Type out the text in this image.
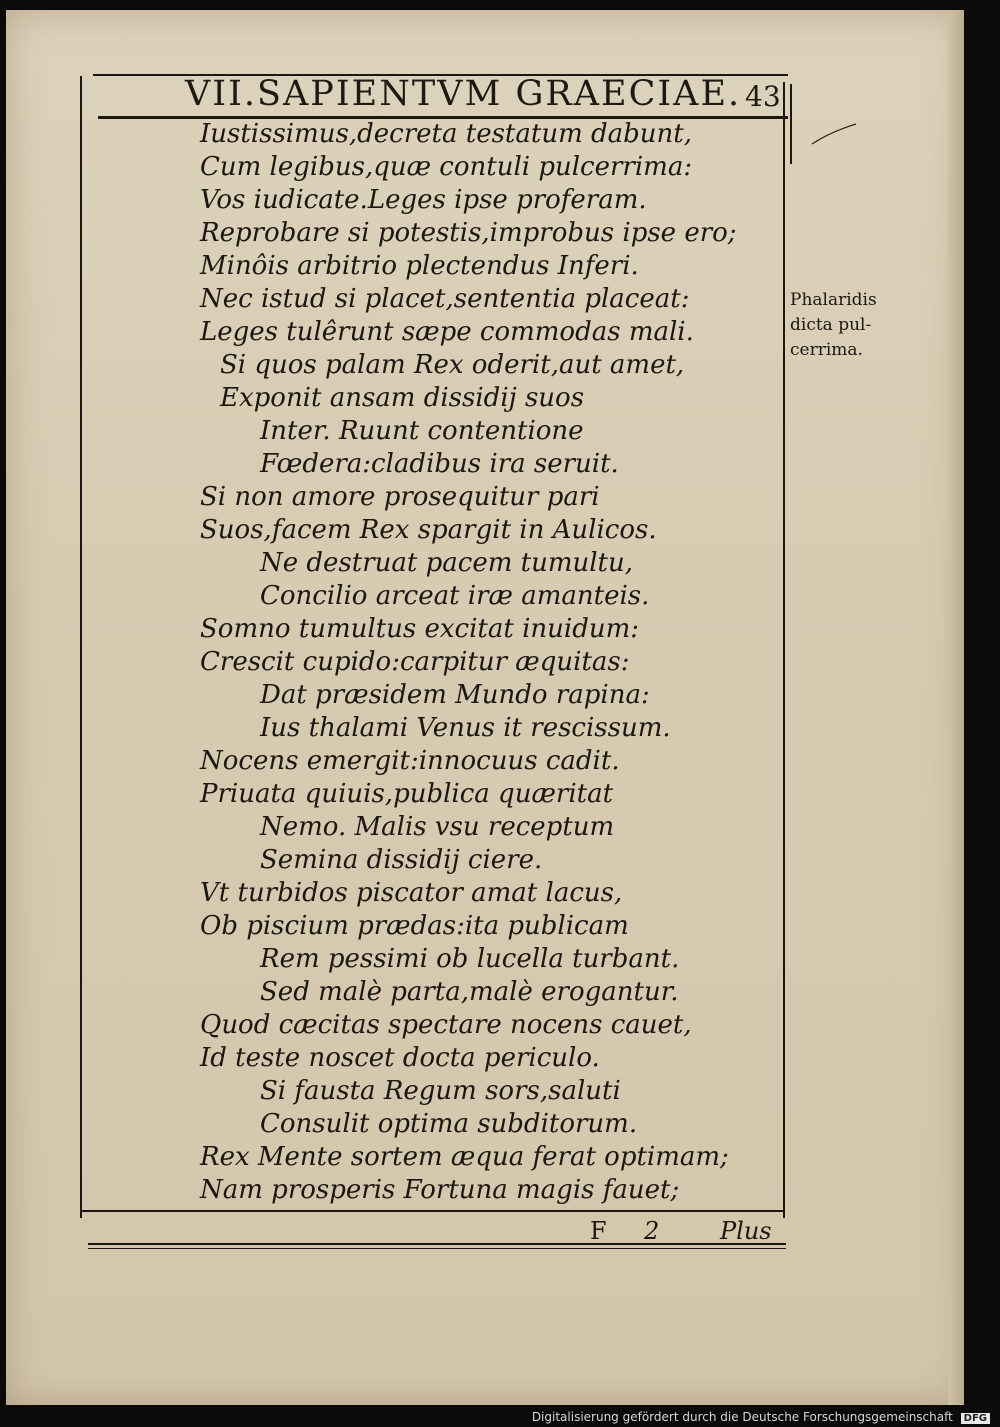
VII.SAPIENTVM GRAECIAE. 43
Iustissimus,decreta testatum dabunt,
Cum legibus,quæ contuli pulcerrima:
Vos iudicate.Leges ipse proferam.
Reprobare si potestis,improbus ipse ero;
Minôis arbitrio plectendus Inferi.
Nec istud si placet,sententia placeat:
Leges tulêrunt sæpe commodas mali.
Si quos palam Rex oderit,aut amet,
Exponit ansam dissidij suos
Inter. Ruunt contentione
Fœdera:cladibus ira seruit.
Si non amore prosequitur pari
Suos,facem Rex spargit in Aulicos.
Ne destruat pacem tumultu,
Concilio arceat iræ amanteis.
Somno tumultus excitat inuidum:
Crescit cupido:carpitur æquitas:
Dat præsidem Mundo rapina:
Ius thalami Venus it rescissum.
Nocens emergit:innocuus cadit.
Priuata quiuis,publica quæritat
Nemo. Malis vsu receptum
Semina dissidij ciere.
Vt turbidos piscator amat lacus,
Ob piscium prædas:ita publicam
Rem pessimi ob lucella turbant.
Sed malè parta,malè erogantur.
Quod cæcitas spectare nocens cauet,
Id teste noscet docta periculo.
Si fausta Regum sors,saluti
Consulit optima subditorum.
Rex Mente sortem æqua ferat optimam;
Nam prosperis Fortuna magis fauet;
Phalaridis
dicta pul-
cerrima.
F 2	Plus
Digitalisierung gefördert durch die Deutsche Forschungsgemeinschaft DFG
